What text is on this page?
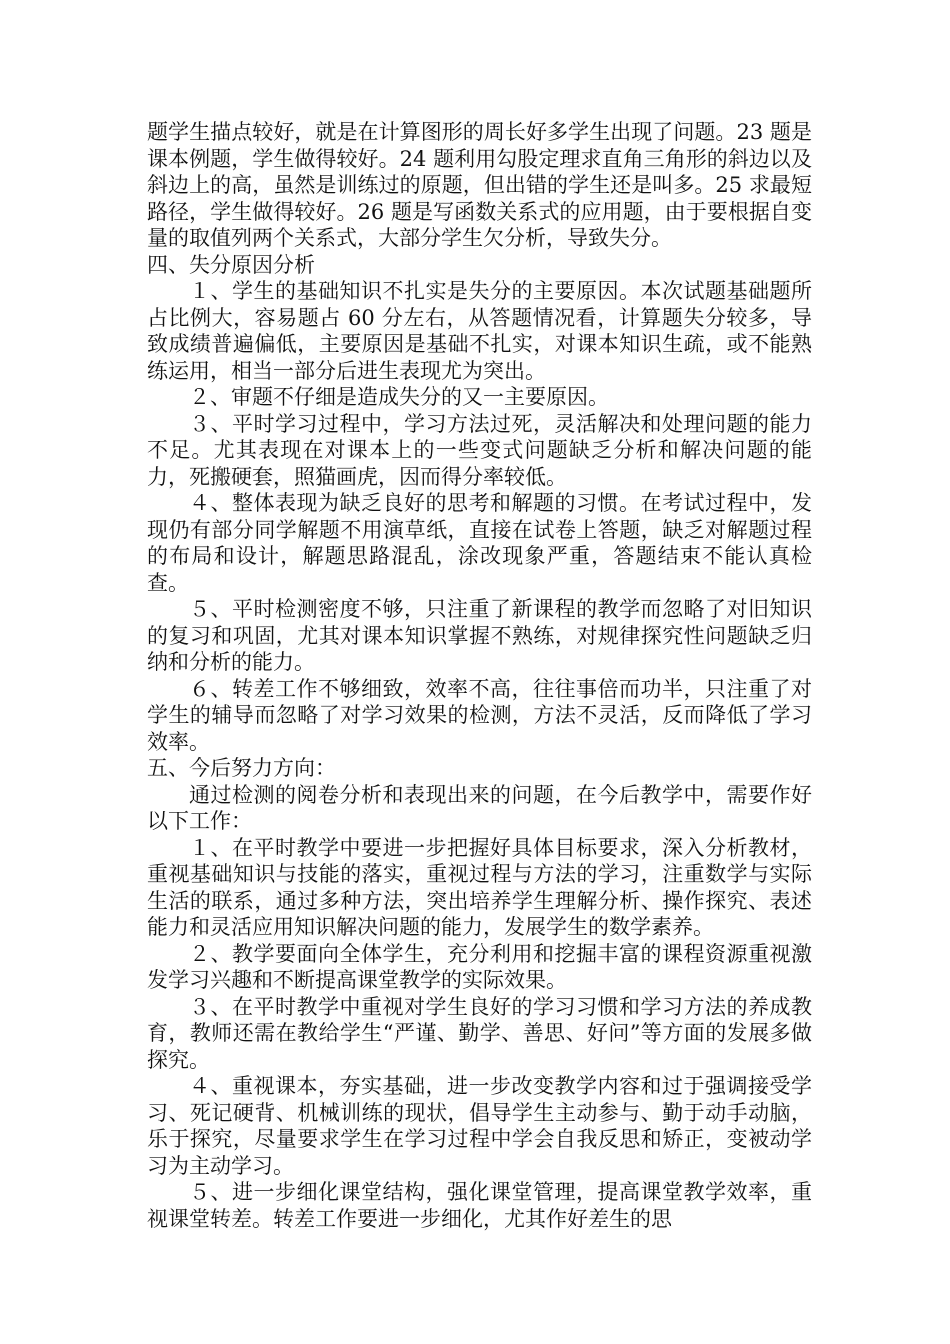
题学生描点较好，就是在计算图形的周长好多学生出现了问题。23 题是课本例题，学生做得较好。24 题利用勾股定理求直角三角形的斜边以及斜边上的高，虽然是训练过的原题，但出错的学生还是叫多。25 求最短路径，学生做得较好。26 题是写函数关系式的应用题，由于要根据自变量的取值列两个关系式，大部分学生欠分析，导致失分。

四、失分原因分析

１、学生的基础知识不扎实是失分的主要原因。本次试题基础题所占比例大，容易题占 60 分左右，从答题情况看，计算题失分较多，导致成绩普遍偏低，主要原因是基础不扎实，对课本知识生疏，或不能熟练运用，相当一部分后进生表现尤为突出。

２、审题不仔细是造成失分的又一主要原因。

３、平时学习过程中，学习方法过死，灵活解决和处理问题的能力不足。尤其表现在对课本上的一些变式问题缺乏分析和解决问题的能力，死搬硬套，照猫画虎，因而得分率较低。

４、整体表现为缺乏良好的思考和解题的习惯。在考试过程中，发现仍有部分同学解题不用演草纸，直接在试卷上答题，缺乏对解题过程的布局和设计，解题思路混乱，涂改现象严重，答题结束不能认真检查。

５、平时检测密度不够，只注重了新课程的教学而忽略了对旧知识的复习和巩固，尤其对课本知识掌握不熟练，对规律探究性问题缺乏归纳和分析的能力。

６、转差工作不够细致，效率不高，往往事倍而功半，只注重了对学生的辅导而忽略了对学习效果的检测，方法不灵活，反而降低了学习效率。

五、今后努力方向：

通过检测的阅卷分析和表现出来的问题，在今后教学中，需要作好以下工作：

１、在平时教学中要进一步把握好具体目标要求，深入分析教材，重视基础知识与技能的落实，重视过程与方法的学习，注重数学与实际生活的联系，通过多种方法，突出培养学生理解分析、操作探究、表述能力和灵活应用知识解决问题的能力，发展学生的数学素养。

２、教学要面向全体学生，充分利用和挖掘丰富的课程资源重视激发学习兴趣和不断提高课堂教学的实际效果。

３、在平时教学中重视对学生良好的学习习惯和学习方法的养成教育，教师还需在教给学生“严谨、勤学、善思、好问”等方面的发展多做探究。

４、重视课本，夯实基础，进一步改变教学内容和过于强调接受学习、死记硬背、机械训练的现状，倡导学生主动参与、勤于动手动脑，乐于探究，尽量要求学生在学习过程中学会自我反思和矫正，变被动学习为主动学习。

５、进一步细化课堂结构，强化课堂管理，提高课堂教学效率，重视课堂转差。转差工作要进一步细化，尤其作好差生的思
